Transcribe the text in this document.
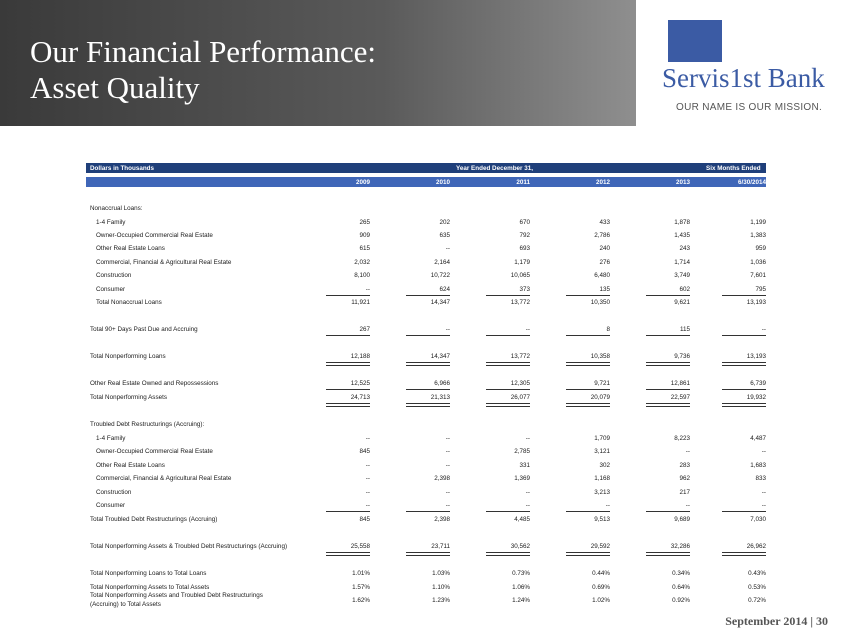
Our Financial Performance:
Asset Quality	Servis1st Bank
OUR NAME IS OUR MISSION.
Dollars in Thousands	Year Ended December 31,	Six Months Ended
2009	2010	2011	2012	2013	6/30/2014
Nonaccrual Loans:
1-4 Family	265	202	670	433	1,878	1,199
Owner-Occupied Commercial Real Estate	909	635	792	2,786	1,435	1,383
Other Real Estate Loans	615	--	693	240	243	959
Commercial, Financial & Agricultural Real Estate	2,032	2,164	1,179	276	1,714	1,036
Construction	8,100	10,722	10,065	6,480	3,749	7,601
Consumer	--	624	373	135	602	795
Total Nonaccrual Loans	11,921	14,347	13,772	10,350	9,621	13,193
Total 90+ Days Past Due and Accruing	267	--	--	8	115	--
Total Nonperforming Loans	12,188	14,347	13,772	10,358	9,736	13,193
Other Real Estate Owned and Repossessions	12,525	6,966	12,305	9,721	12,861	6,739
Total Nonperforming Assets	24,713	21,313	26,077	20,079	22,597	19,932
Troubled Debt Restructurings (Accruing):
1-4 Family	--	--	--	1,709	8,223	4,487
Owner-Occupied Commercial Real Estate	845	--	2,785	3,121	--	--
Other Real Estate Loans	--	--	331	302	283	1,683
Commercial, Financial & Agricultural Real Estate	--	2,398	1,369	1,168	962	833
Construction	--	--	--	3,213	217	--
Consumer	--	--	--	--	--	--
Total Troubled Debt Restructurings (Accruing)	845	2,398	4,485	9,513	9,689	7,030
Total Nonperforming Assets & Troubled Debt Restructurings (Accruing)	25,558	23,711	30,562	29,592	32,286	26,962
Total Nonperforming Loans to Total Loans	1.01%	1.03%	0.73%	0.44%	0.34%	0.43%
Total Nonperforming Assets to Total Assets	1.57%	1.10%	1.06%	0.69%	0.64%	0.53%
Total Nonperforming Assets and Troubled Debt Restructurings
(Accruing) to Total Assets
1.62%	1.23%	1.24%	1.02%	0.92%	0.72%
September 2014 | 30
